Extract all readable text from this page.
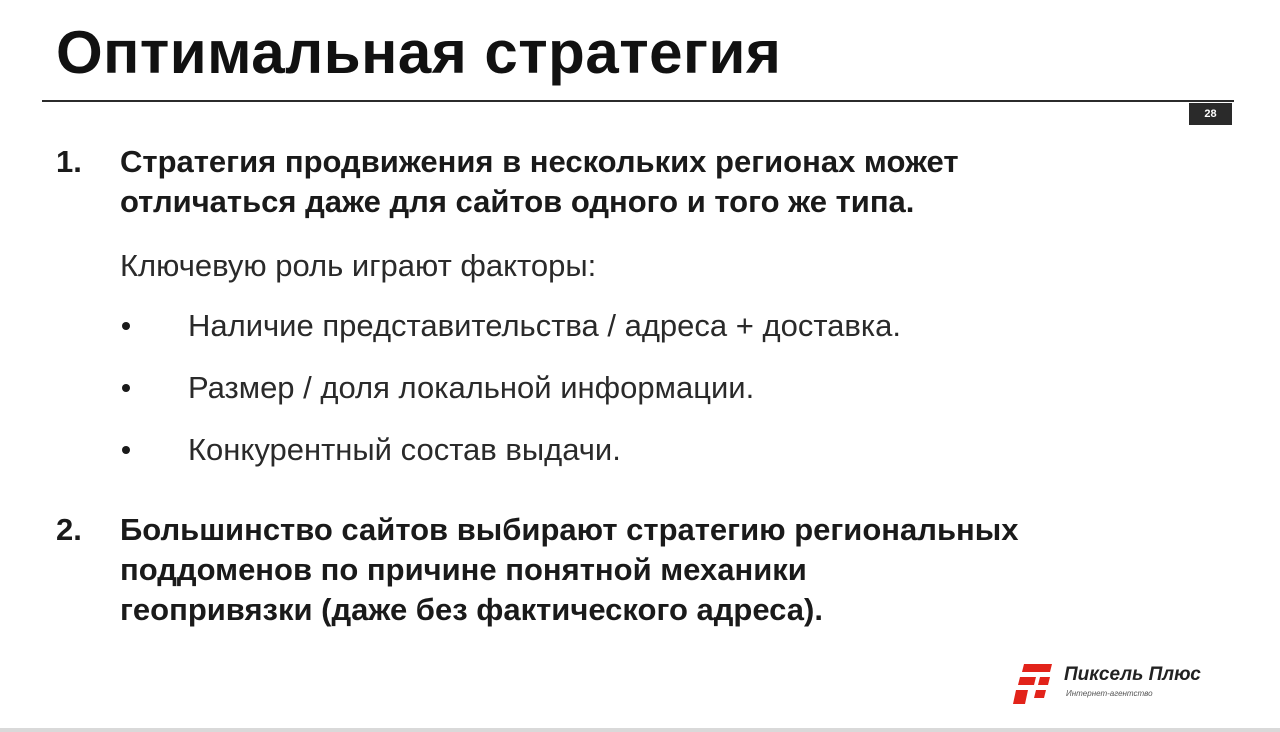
Оптимальная стратегия
28
1. Стратегия продвижения в нескольких регионах может
отличаться даже для сайтов одного и того же типа.
Ключевую роль играют факторы:
Наличие представительства / адреса + доставка.
Размер / доля локальной информации.
Конкурентный состав выдачи.
2. Большинство сайтов выбирают стратегию региональных
поддоменов по причине понятной механики
геопривязки (даже без фактического адреса).
Пиксель Плюс
Интернет-агентство
